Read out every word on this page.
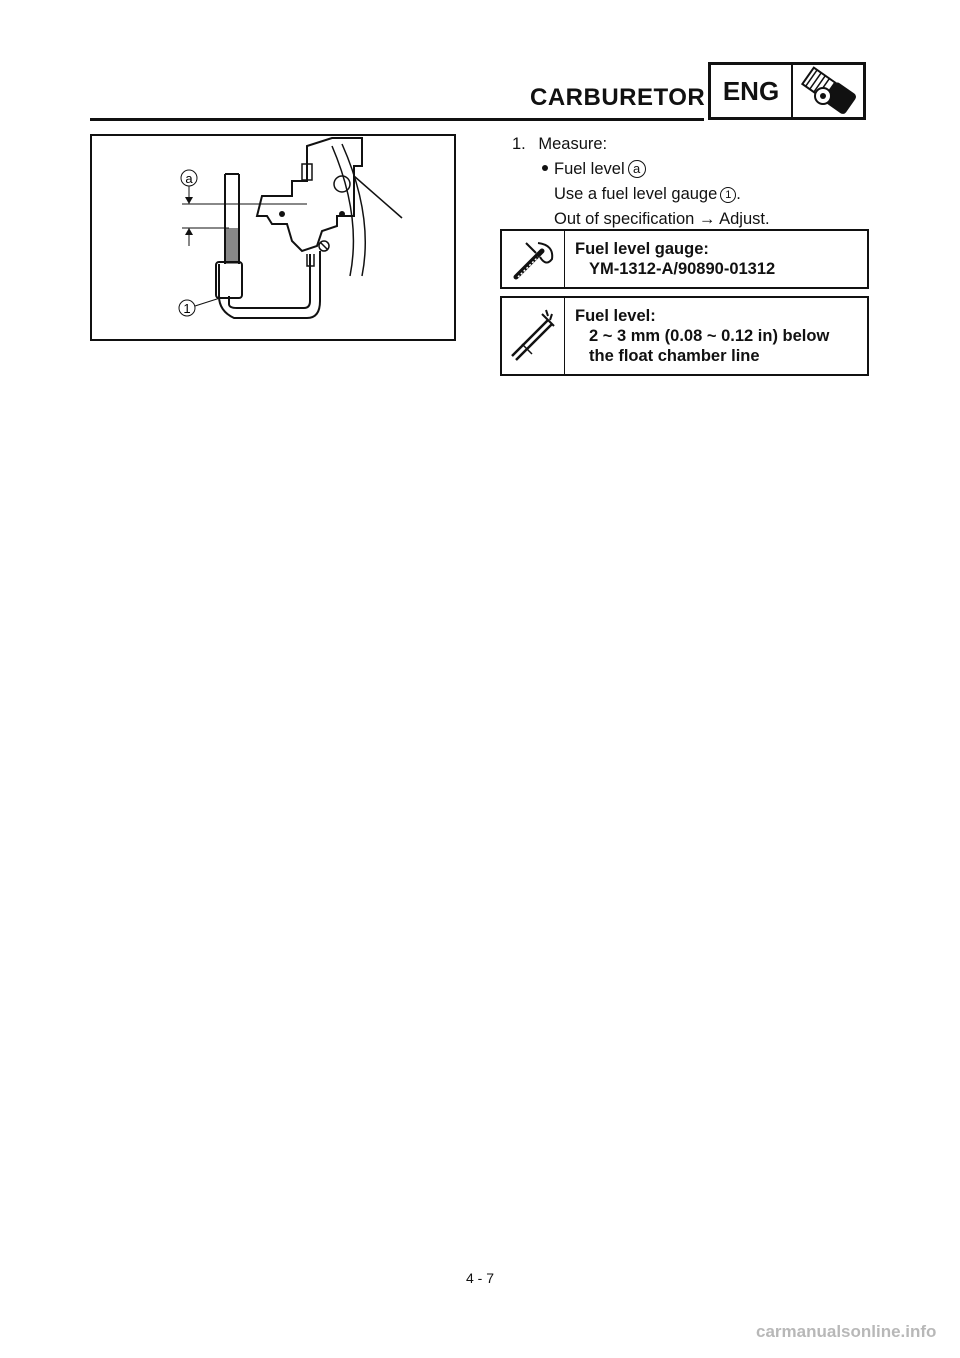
CARBURETOR ENG
a
1
1. Measure:
Fuel level a
Use a fuel level gauge 1 .
Out of specification → Adjust.
Fuel level gauge:
YM-1312-A/90890-01312
Fuel level:
2 ~ 3 mm (0.08 ~ 0.12 in) below
the float chamber line
4 - 7
carmanualsonline.info
